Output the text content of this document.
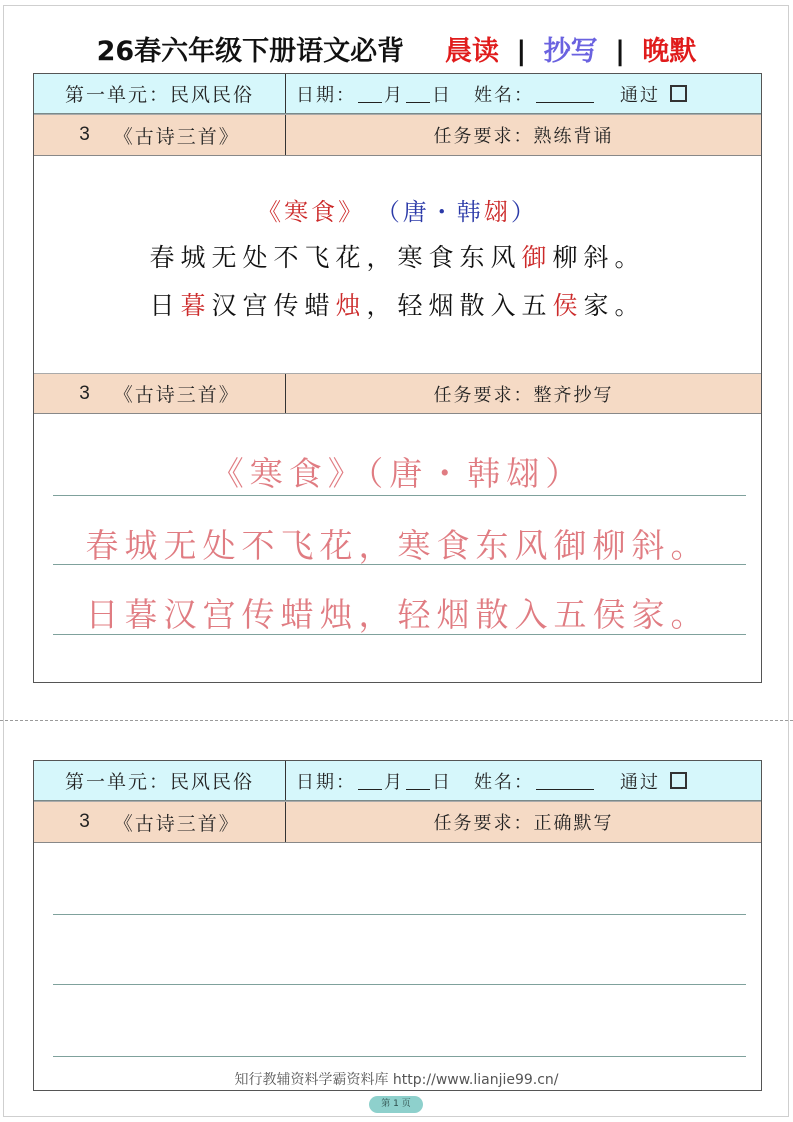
26春六年级下册语文必背 晨读 | 抄写 | 晚默
第一单元：民风民俗	日期： 月 日 姓名：	通过
3 《古诗三首》	任务要求：熟练背诵
《寒食》 （唐・韩翃）
春城无处不飞花，寒食东风御柳斜。
日暮汉宫传蜡烛，轻烟散入五侯家。
3 《古诗三首》	任务要求：整齐抄写
《寒食》（唐・韩翃）
春城无处不飞花，寒食东风御柳斜。
日暮汉宫传蜡烛，轻烟散入五侯家。
第一单元：民风民俗	日期： 月 日 姓名：	通过
3 《古诗三首》	任务要求：正确默写
知行教辅资料学霸资料库 http://www.lianjie99.cn/
第 1 页
